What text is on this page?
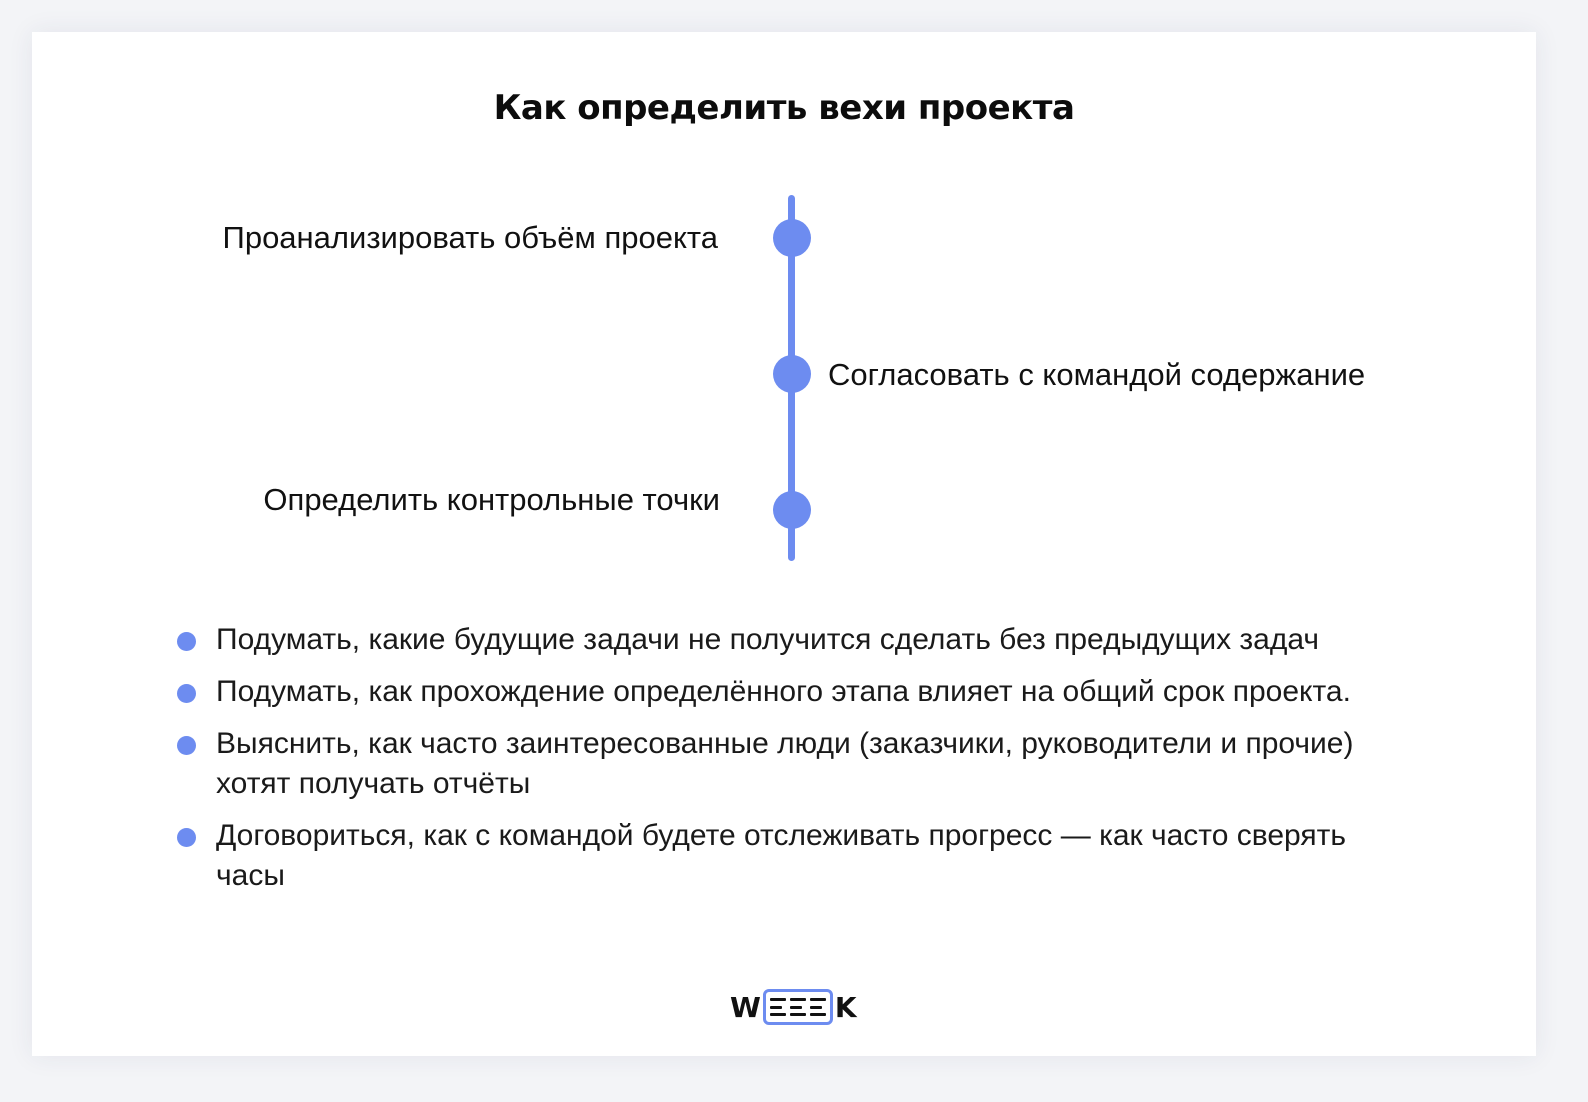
Как определить вехи проекта
Проанализировать объём проекта
Согласовать с командой содержание
Определить контрольные точки
Подумать, какие будущие задачи не получится сделать без предыдущих задач
Подумать, как прохождение определённого этапа влияет на общий срок проекта.
Выяснить, как часто заинтересованные люди (заказчики, руководители и прочие) хотят получать отчёты
Договориться, как с командой будете отслеживать прогресс — как часто сверять часы
W	K
